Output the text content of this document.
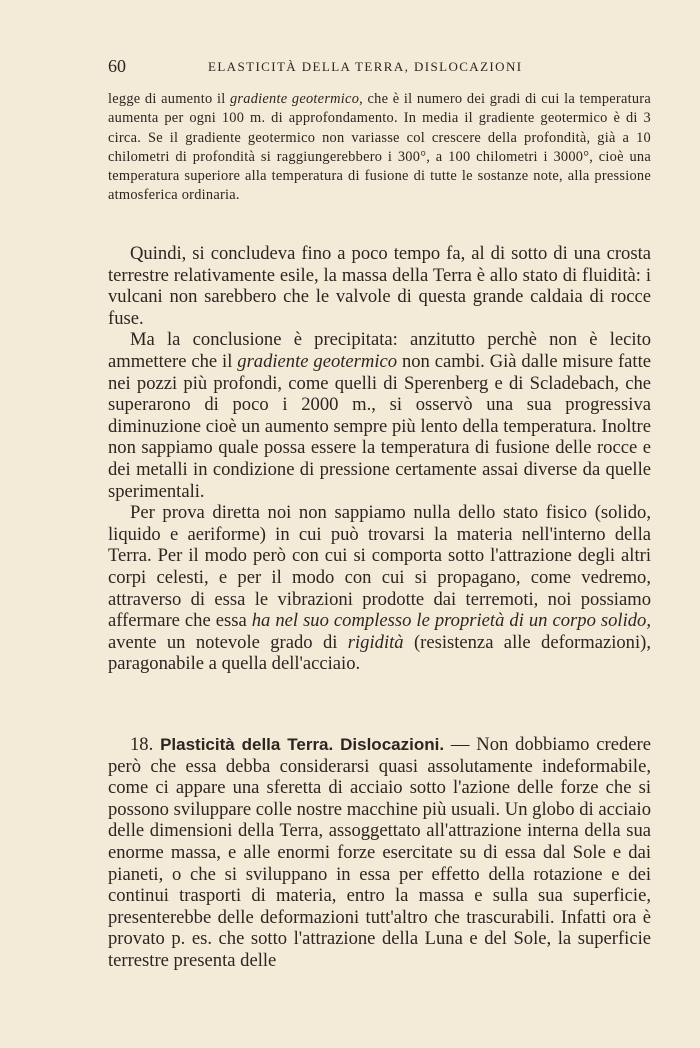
60	ELASTICITÀ DELLA TERRA, DISLOCAZIONI

legge di aumento il gradiente geotermico, che è il numero dei gradi di cui la temperatura aumenta per ogni 100 m. di approfondamento. In media il gradiente geotermico è di 3 circa. Se il gradiente geotermico non variasse col crescere della profondità, già a 10 chilometri di profondità si raggiungerebbero i 300°, a 100 chilometri i 3000°, cioè una temperatura superiore alla temperatura di fusione di tutte le sostanze note, alla pressione atmosferica ordinaria.

Quindi, si concludeva fino a poco tempo fa, al di sotto di una crosta terrestre relativamente esile, la massa della Terra è allo stato di fluidità: i vulcani non sarebbero che le valvole di questa grande caldaia di rocce fuse.

Ma la conclusione è precipitata: anzitutto perchè non è lecito ammettere che il gradiente geotermico non cambi. Già dalle misure fatte nei pozzi più profondi, come quelli di Sperenberg e di Scladebach, che superarono di poco i 2000 m., si osservò una sua progressiva diminuzione cioè un aumento sempre più lento della temperatura. Inoltre non sappiamo quale possa essere la temperatura di fusione delle rocce e dei metalli in condizione di pressione certamente assai diverse da quelle sperimentali.

Per prova diretta noi non sappiamo nulla dello stato fisico (solido, liquido e aeriforme) in cui può trovarsi la materia nell'interno della Terra. Per il modo però con cui si comporta sotto l'attrazione degli altri corpi celesti, e per il modo con cui si propagano, come vedremo, attraverso di essa le vibrazioni prodotte dai terremoti, noi possiamo affermare che essa ha nel suo complesso le proprietà di un corpo solido, avente un notevole grado di rigidità (resistenza alle deformazioni), paragonabile a quella dell'acciaio.

18. Plasticità della Terra. Dislocazioni. — Non dobbiamo credere però che essa debba considerarsi quasi assolutamente indeformabile, come ci appare una sferetta di acciaio sotto l'azione delle forze che si possono sviluppare colle nostre macchine più usuali. Un globo di acciaio delle dimensioni della Terra, assoggettato all'attrazione interna della sua enorme massa, e alle enormi forze esercitate su di essa dal Sole e dai pianeti, o che si sviluppano in essa per effetto della rotazione e dei continui trasporti di materia, entro la massa e sulla sua superficie, presenterebbe delle deformazioni tutt'altro che trascurabili. Infatti ora è provato p. es. che sotto l'attrazione della Luna e del Sole, la superficie terrestre presenta delle
